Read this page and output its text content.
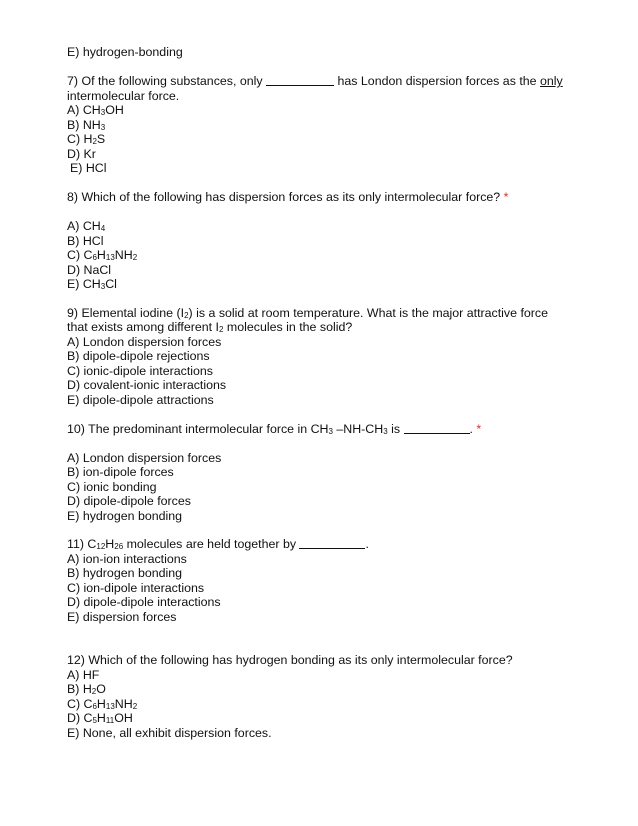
E) hydrogen-bonding
7) Of the following substances, only	has London dispersion forces as the only
intermolecular force.
A) $CH_3OH$
B) $NH_3$
C) $H_2S$
D) Kr
E) HCl
8) Which of the following has dispersion forces as its only intermolecular force? *
A) $CH_4$
B) HCl
C) $C_6H_{13}NH_2$
D) NaCl
E) $CH_3Cl$
9) Elemental iodine $(I_2)$ is a solid at room temperature. What is the major attractive force
that exists among different $I_2$ molecules in the solid?
A) London dispersion forces
B) dipole-dipole rejections
C) ionic-dipole interactions
D) covalent-ionic interactions
E) dipole-dipole attractions
10) The predominant intermolecular force in $CH_3$ $-NH-CH_3$ is	. *
A) London dispersion forces
B) ion-dipole forces
C) ionic bonding
D) dipole-dipole forces
E) hydrogen bonding
11) $C_{12}H_{26}$ molecules are held together by	.
A) ion-ion interactions
B) hydrogen bonding
C) ion-dipole interactions
D) dipole-dipole interactions
E) dispersion forces
12) Which of the following has hydrogen bonding as its only intermolecular force?
A) HF
B) $H_2O$
C) $C_6H_{13}NH_2$
D) $C_5H_{11}OH$
E) None, all exhibit dispersion forces.
